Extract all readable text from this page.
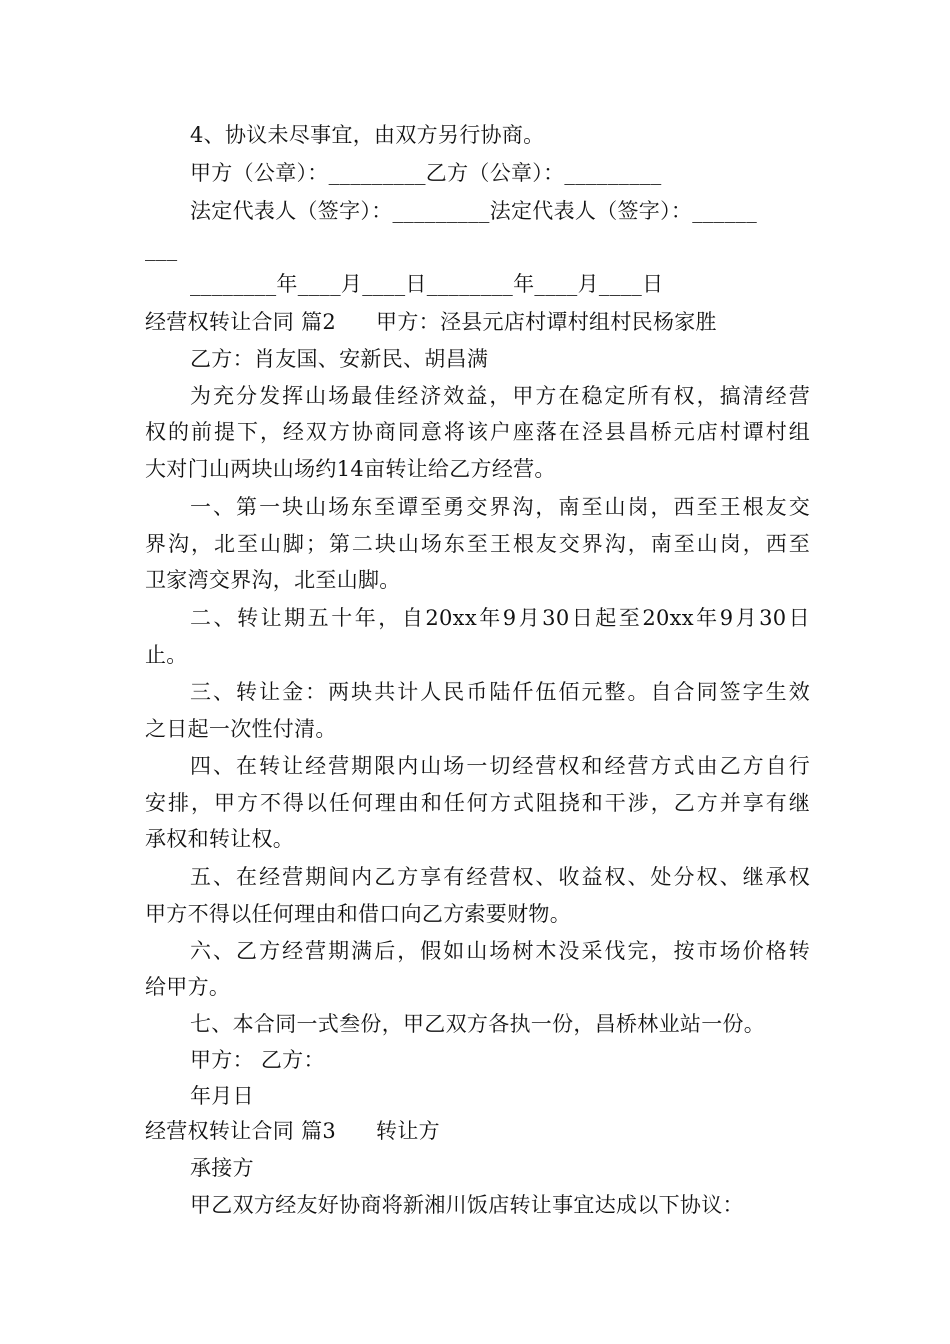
4、协议未尽事宜，由双方另行协商。
甲方（公章）：_________乙方（公章）：_________
法定代表人（签字）：_________法定代表人（签字）：______
___
________年____月____日________年____月____日
经营权转让合同 篇2 甲方：泾县元店村谭村组村民杨家胜
乙方：肖友国、安新民、胡昌满
为充分发挥山场最佳经济效益，甲方在稳定所有权，搞清经营
权的前提下，经双方协商同意将该户座落在泾县昌桥元店村谭村组
大对门山两块山场约14亩转让给乙方经营。
一、第一块山场东至谭至勇交界沟，南至山岗，西至王根友交
界沟，北至山脚；第二块山场东至王根友交界沟，南至山岗，西至
卫家湾交界沟，北至山脚。
二、转让期五十年，自20xx年9月30日起至20xx年9月30日
止。
三、转让金：两块共计人民币陆仟伍佰元整。自合同签字生效
之日起一次性付清。
四、在转让经营期限内山场一切经营权和经营方式由乙方自行
安排，甲方不得以任何理由和任何方式阻挠和干涉，乙方并享有继
承权和转让权。
五、在经营期间内乙方享有经营权、收益权、处分权、继承权
甲方不得以任何理由和借口向乙方索要财物。
六、乙方经营期满后，假如山场树木没采伐完，按市场价格转
给甲方。
七、本合同一式叁份，甲乙双方各执一份，昌桥林业站一份。
甲方： 乙方：
年月日
经营权转让合同 篇3 转让方
承接方
甲乙双方经友好协商将新湘川饭店转让事宜达成以下协议：
